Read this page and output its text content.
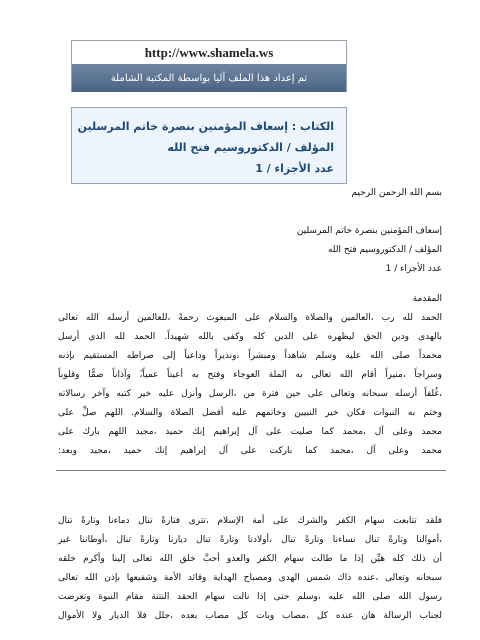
http://www.shamela.ws
تم إعداد هذا الملف آليا بواسطة المكتبة الشاملة
الكتاب : إسعاف المؤمنين بنصرة خاتم المرسلين
المؤلف / الدكتوروسيم فتح الله
عدد الأجزاء / 1
بسم الله الرحمن الرحيم
إسعاف المؤمنين بنصرة خاتم المرسلين
المؤلف / الدكتوروسيم فتح الله
عدد الأجزاء / 1
المقدمة
الحمد لله رب ،العالمين والصلاة والسلام على المبعوث رحمةً ،للعالمين أرسله الله تعالى
بالهدى ودين الحق ليظهره على الدين كله وكفى بالله شهيداً. الحمد لله الذي أرسل
محمداً صلى الله عليه وسلم شاهداً ومبشراً ،ونذيراً وداعياً إلى صراطه المستقيم بإذنه
وسراجاً ،منيراً أقام الله تعالى به الملة العوجاء وفتح به أعيناً عمياً،ً وآذاناً صمًّا وقلوباً
،غُلفاً أرسله سبحانه وتعالى على حين فترة من ،الرسل وأنزل عليه خير كتبه وآخر رسالاته
وختم به النبوات فكان خير النبيين وخاتمهم عليه أفضل الصلاة والسلام. اللهم صلِّ على
محمد وعلى آل ،محمد كما صليت على آل إبراهيم إنك حميد ،مجيد اللهم بارك على
محمد وعلى آل ،محمد كما باركت على آل إبراهيم إنك حميد ،مجيد وبعد:
فلقد تتابعت سهام الكفر والشرك على أمة الإسلام ،تترى فتارةً تنال دماءنا وتارةً تنال
،أموالنا وتارةً تنال نساءنا وتارةً تنال ،أولادنا وتارةً تنال ديارنا وتارةً تنال ،أوطاننا غير
أن ذلك كله هيِّن إذا ما طالت سهام الكفر والعدو أحبَّ خلق الله تعالى إلينا وأكرم خلقه
سبحانه وتعالى ،عنده ذاك شمس الهدى ومصباح الهداية وقائد الأمة وشفيعها بإذن الله تعالى
رسول الله صلى الله عليه ،وسلم حتى إذا نالت سهام الحقد النتنة مقام النبوة وتعرضت
لجناب الرسالة هان عنده كل ،مصاب وبات كل مصاب بعده ،جلل فلا الديار ولا الأموال
